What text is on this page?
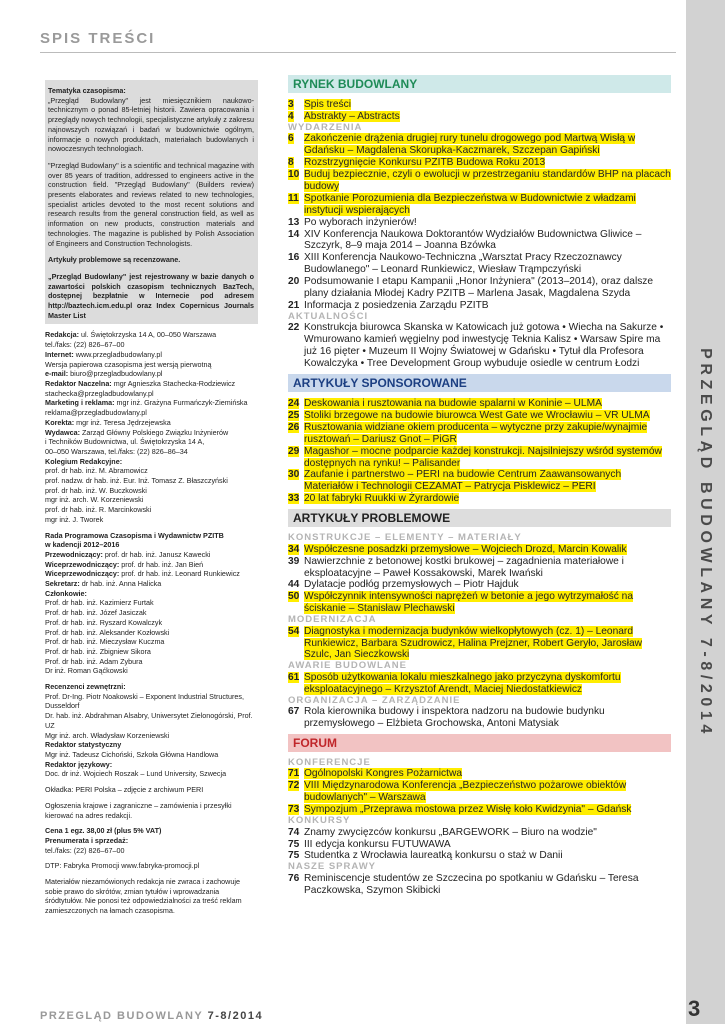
SPIS TREŚCI
PRZEGLĄD BUDOWLANY 7-8/2014
3
PRZEGLĄD BUDOWLANY 7-8/2014

Tematyka czasopisma:

„Przegląd Budowlany" jest miesięcznikiem naukowo-technicznym o ponad 85-letniej historii. Zawiera opracowania i przeglądy nowych technologii, specjalistyczne artykuły z zakresu najnowszych rozwiązań i badań w budownictwie ogólnym, informacje o nowych produktach, materiałach budowlanych i nowoczesnych technologiach.

"Przegląd Budowlany" is a scientific and technical magazine with over 85 years of tradition, addressed to engineers active in the construction field. "Przegląd Budowlany" (Builders review) presents elaborates and reviews related to new technologies, specialist articles devoted to the most recent solutions and research results from the general construction field, as well as information on new products, construction materials and technologies. The magazine is published by Polish Association of Engineers and Construction Technologists.

Artykuły problemowe są recenzowane.

„Przegląd Budowlany" jest rejestrowany w bazie danych o zawartości polskich czasopism technicznych BazTech, dostępnej bezpłatnie w Internecie pod adresem http://baztech.icm.edu.pl oraz Index Copernicus Journals Master List

Redakcja: ul. Świętokrzyska 14 A, 00–050 Warszawa
tel./faks: (22) 826–67–00
Internet: www.przegladbudowlany.pl
Wersja papierowa czasopisma jest wersją pierwotną
e-mail: biuro@przegladbudowlany.pl
Redaktor Naczelna: mgr Agnieszka Stachecka-Rodziewicz
stachecka@przegladbudowlany.pl
Marketing i reklama: mgr inż. Grażyna Furmańczyk-Ziemińska
reklama@przegladbudowlany.pl
Korekta: mgr inż. Teresa Jędrzejewska
Wydawca: Zarząd Główny Polskiego Związku Inżynierów
i Techników Budownictwa, ul. Świętokrzyska 14 A,
00–050 Warszawa, tel./faks: (22) 826–86–34
Kolegium Redakcyjne:
prof. dr hab. inż. M. Abramowicz
prof. nadzw. dr hab. inż. Eur. Inż. Tomasz Z. Błaszczyński
prof. dr hab. inż. W. Buczkowski
mgr inż. arch. W. Korzeniewski
prof. dr hab. inż. R. Marcinkowski
mgr inż. J. Tworek
Rada Programowa Czasopisma i Wydawnictw PZITB
w kadencji 2012–2016
Przewodniczący: prof. dr hab. inż. Janusz Kawecki
Wiceprzewodniczący: prof. dr hab. inż. Jan Bień
Wiceprzewodniczący: prof. dr hab. inż. Leonard Runkiewicz
Sekretarz: dr hab. inż. Anna Halicka
Członkowie:
Prof. dr hab. inż. Kazimierz Furtak
Prof. dr hab. inż. Józef Jasiczak
Prof. dr hab. inż. Ryszard Kowalczyk
Prof. dr hab. inż. Aleksander Kozłowski
Prof. dr hab. inż. Mieczysław Kuczma
Prof. dr hab. inż. Zbigniew Sikora
Prof. dr hab. inż. Adam Zybura
Dr inż. Roman Gąćkowski
Recenzenci zewnętrzni:
Prof. Dr-Ing. Piotr Noakowski – Exponent Industrial Structures, Dusseldorf
Dr. hab. inż. Abdrahman Alsabry, Uniwersytet Zielonogórski, Prof. UZ
Mgr inż. arch. Władysław Korzeniewski
Redaktor statystyczny
Mgr inż. Tadeusz Cichoński, Szkoła Główna Handlowa
Redaktor językowy:
Doc. dr inż. Wojciech Roszak – Lund University, Szwecja

Okładka: PERI Polska – zdjęcie z archiwum PERI

Ogłoszenia krajowe i zagraniczne – zamówienia i przesyłki kierować na adres redakcji.

Cena 1 egz. 38,00 zł (plus 5% VAT)
Prenumerata i sprzedaż:
tel./faks: (22) 826–67–00

DTP: Fabryka Promocji www.fabryka-promocji.pl

Materiałów niezamówionych redakcja nie zwraca i zachowuje sobie prawo do skrótów, zmian tytułów i wprowadzania śródtytułów. Nie ponosi też odpowiedzialności za treść reklam zamieszczonych na łamach czasopisma.

RYNEK BUDOWLANY
3	Spis treści
4	Abstrakty – Abstracts
WYDARZENIA
6	Zakończenie drążenia drugiej rury tunelu drogowego pod Martwą Wisłą w Gdańsku – Magdalena Skorupka-Kaczmarek, Szczepan Gapiński
8	Rozstrzygnięcie Konkursu PZITB Budowa Roku 2013
10 Buduj bezpiecznie, czyli o ewolucji w przestrzeganiu standardów BHP na placach budowy
11 Spotkanie Porozumienia dla Bezpieczeństwa w Budownictwie z władzami instytucji wspierających
13 Po wyborach inżynierów!
14 XIV Konferencja Naukowa Doktorantów Wydziałów Budownictwa Gliwice – Szczyrk, 8–9 maja 2014 – Joanna Bzówka
16 XIII Konferencja Naukowo-Techniczna „Warsztat Pracy Rzeczoznawcy Budowlanego" – Leonard Runkiewicz, Wiesław Trąmpczyński
20 Podsumowanie I etapu Kampanii „Honor Inżyniera" (2013–2014), oraz dalsze plany działania Młodej Kadry PZITB – Marlena Jasak, Magdalena Szyda
21 Informacja z posiedzenia Zarządu PZITB
AKTUALNOŚCI
22 Konstrukcja biurowca Skanska w Katowicach już gotowa • Wiecha na Sakurze • Wmurowano kamień węgielny pod inwestycję Teknia Kalisz • Warsaw Spire ma już 16 pięter • Muzeum II Wojny Światowej w Gdańsku • Tytuł dla Profesora Kowalczyka • Tree Development Group wybuduje osiedle w centrum Łodzi
ARTYKUŁY SPONSOROWANE
24 Deskowania i rusztowania na budowie spalarni w Koninie – ULMA
25 Stoliki brzegowe na budowie biurowca West Gate we Wrocławiu – VR ULMA
26 Rusztowania widziane okiem producenta – wytyczne przy zakupie/wynajmie rusztowań – Dariusz Gnot – PiGR
29 Magashor – mocne podparcie każdej konstrukcji. Najsilniejszy wśród systemów dostępnych na rynku! – Palisander
30 Zaufanie i partnerstwo – PERI na budowie Centrum Zaawansowanych Materiałów i Technologii CEZAMAT – Patrycja Pisklewicz – PERI
33 20 lat fabryki Ruukki w Żyrardowie
ARTYKUŁY PROBLEMOWE
KONSTRUKCJE – ELEMENTY – MATERIAŁY
34 Współczesne posadzki przemysłowe – Wojciech Drozd, Marcin Kowalik
39 Nawierzchnie z betonowej kostki brukowej – zagadnienia materiałowe i eksploatacyjne – Paweł Kossakowski, Marek Iwański
44 Dylatacje podłóg przemysłowych – Piotr Hajduk
50 Współczynnik intensywności naprężeń w betonie a jego wytrzymałość na ściskanie – Stanisław Plechawski
MODERNIZACJA
54 Diagnostyka i modernizacja budynków wielkopłytowych (cz. 1) – Leonard Runkiewicz, Barbara Szudrowicz, Halina Prejzner, Robert Geryło, Jarosław Szulc, Jan Sieczkowski
AWARIE BUDOWLANE
61 Sposób użytkowania lokalu mieszkalnego jako przyczyna dyskomfortu eksploatacyjnego – Krzysztof Arendt, Maciej Niedostatkiewicz
ORGANIZACJA – ZARZĄDZANIE
67 Rola kierownika budowy i inspektora nadzoru na budowie budynku przemysłowego – Elżbieta Grochowska, Antoni Matysiak
FORUM
KONFERENCJE
71 Ogólnopolski Kongres Pożarnictwa
72 VIII Międzynarodowa Konferencja „Bezpieczeństwo pożarowe obiektów budowlanych" – Warszawa
73 Sympozjum „Przeprawa mostowa przez Wisłę koło Kwidzynia" – Gdańsk
KONKURSY
74 Znamy zwycięzców konkursu „BARGEWORK – Biuro na wodzie"
75 III edycja konkursu FUTUWAWA
75 Studentka z Wrocławia laureatką konkursu o staż w Danii
NASZE SPRAWY
76 Reminiscencje studentów ze Szczecina po spotkaniu w Gdańsku – Teresa Paczkowska, Szymon Skibicki
